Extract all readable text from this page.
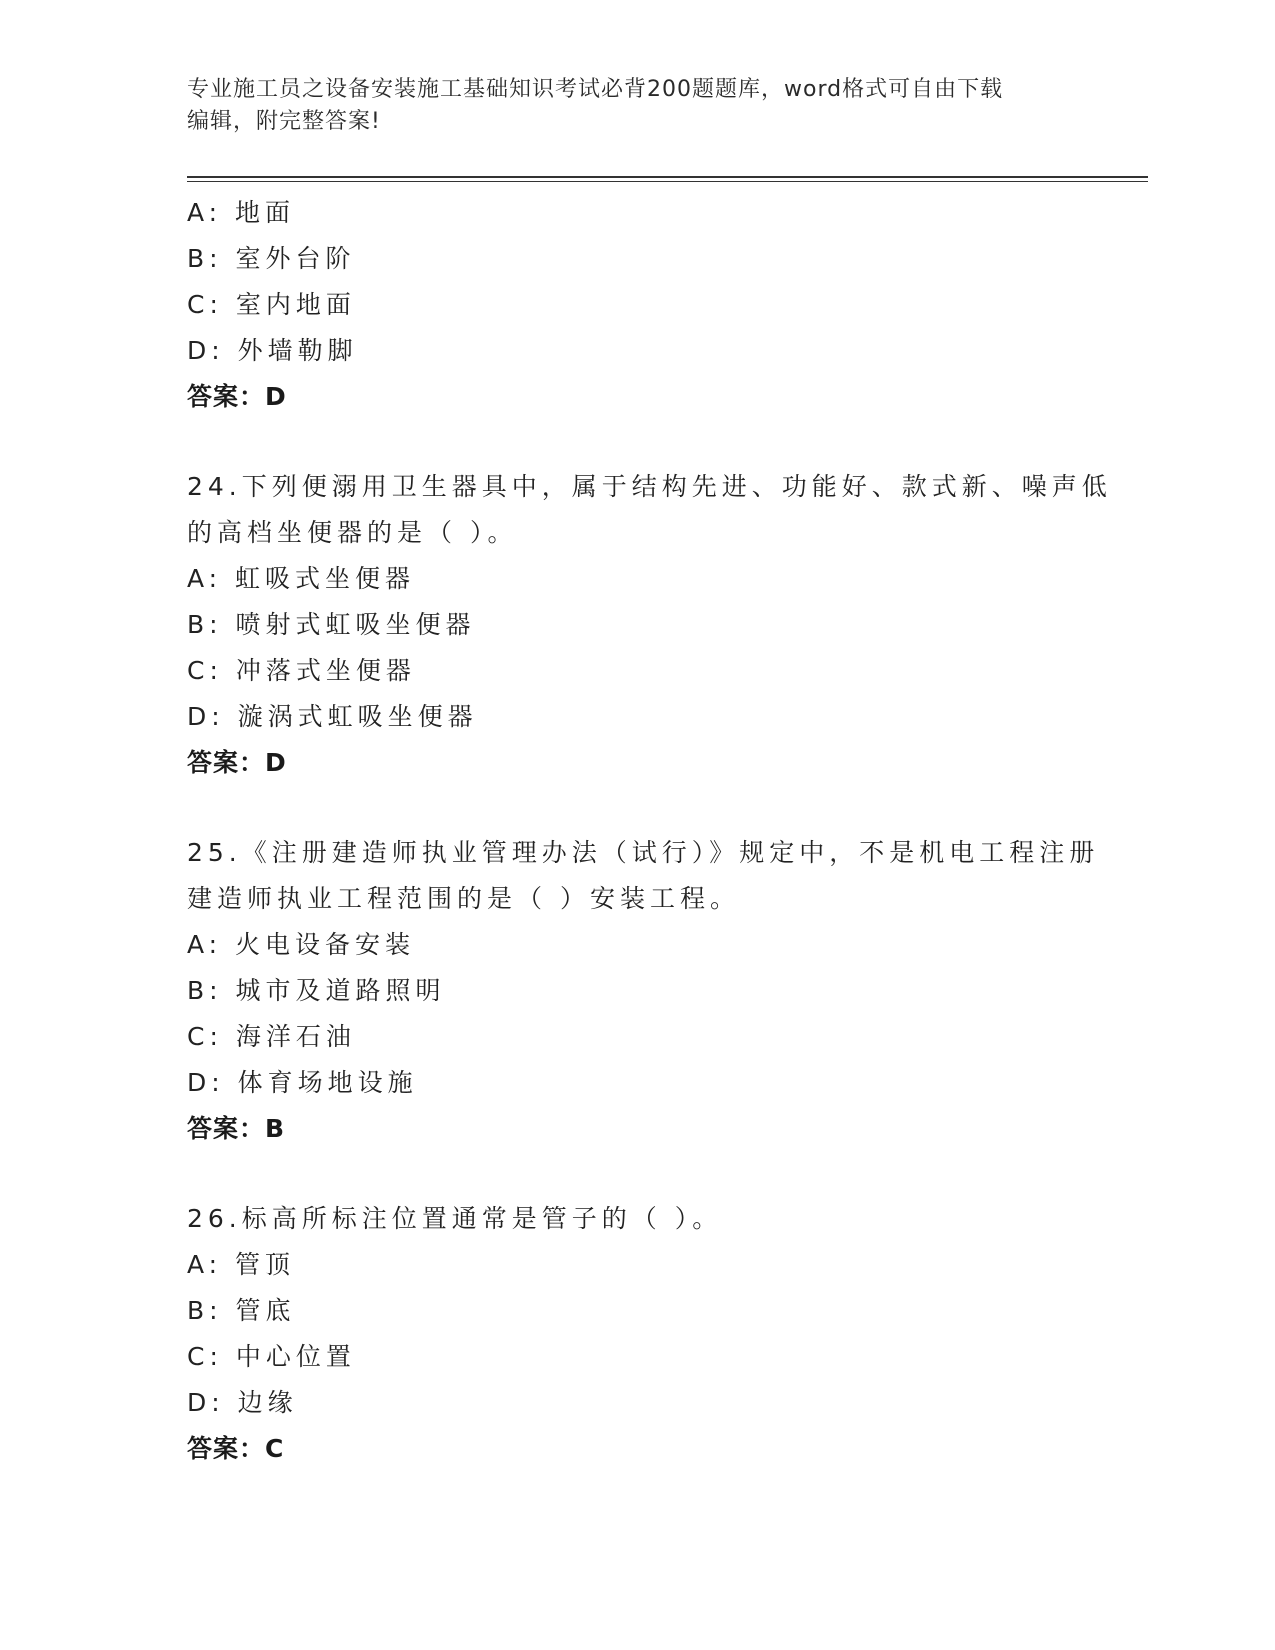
专业施工员之设备安装施工基础知识考试必背200题题库，word格式可自由下载
编辑，附完整答案!
A: 地面
B: 室外台阶
C: 室内地面
D: 外墙勒脚
答案：D
24.下列便溺用卫生器具中，属于结构先进、功能好、款式新、噪声低
的高档坐便器的是（ ）。
A: 虹吸式坐便器
B: 喷射式虹吸坐便器
C: 冲落式坐便器
D: 漩涡式虹吸坐便器
答案：D
25.《注册建造师执业管理办法（试行）》规定中，不是机电工程注册
建造师执业工程范围的是（ ）安装工程。
A: 火电设备安装
B: 城市及道路照明
C: 海洋石油
D: 体育场地设施
答案：B
26.标高所标注位置通常是管子的（ ）。
A: 管顶
B: 管底
C: 中心位置
D: 边缘
答案：C
